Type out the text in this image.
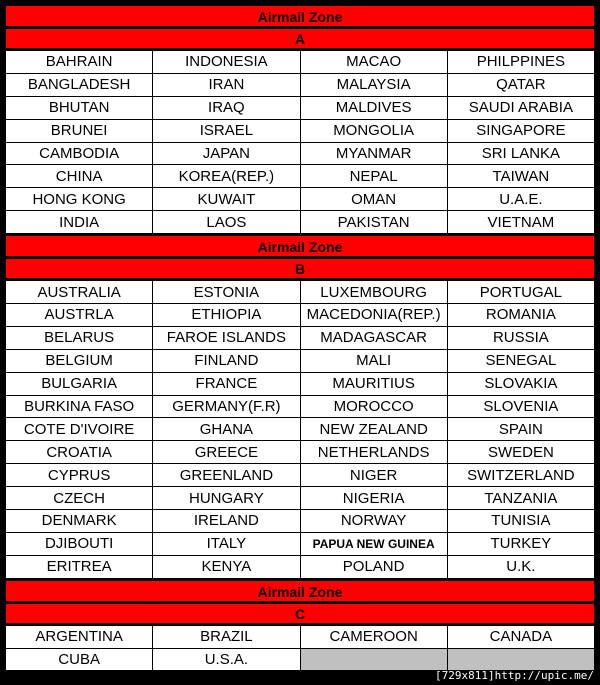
Airmail Zone
A
BAHRAIN	INDONESIA	MACAO	PHILPPINES
BANGLADESH	IRAN	MALAYSIA	QATAR
BHUTAN	IRAQ	MALDIVES	SAUDI ARABIA
BRUNEI	ISRAEL	MONGOLIA	SINGAPORE
CAMBODIA	JAPAN	MYANMAR	SRI LANKA
CHINA	KOREA(REP.)	NEPAL	TAIWAN
HONG KONG	KUWAIT	OMAN	U.A.E.
INDIA	LAOS	PAKISTAN	VIETNAM
Airmail Zone
B
AUSTRALIA	ESTONIA	LUXEMBOURG	PORTUGAL
AUSTRLA	ETHIOPIA	MACEDONIA(REP.)	ROMANIA
BELARUS	FAROE ISLANDS	MADAGASCAR	RUSSIA
BELGIUM	FINLAND	MALI	SENEGAL
BULGARIA	FRANCE	MAURITIUS	SLOVAKIA
BURKINA FASO	GERMANY(F.R)	MOROCCO	SLOVENIA
COTE D'IVOIRE	GHANA	NEW ZEALAND	SPAIN
CROATIA	GREECE	NETHERLANDS	SWEDEN
CYPRUS	GREENLAND	NIGER	SWITZERLAND
CZECH	HUNGARY	NIGERIA	TANZANIA
DENMARK	IRELAND	NORWAY	TUNISIA
DJIBOUTI	ITALY	PAPUA NEW GUINEA	TURKEY
ERITREA	KENYA	POLAND	U.K.
Airmail Zone
C
ARGENTINA	BRAZIL	CAMEROON	CANADA
CUBA	U.S.A.		
[729x811]http://upic.me/
